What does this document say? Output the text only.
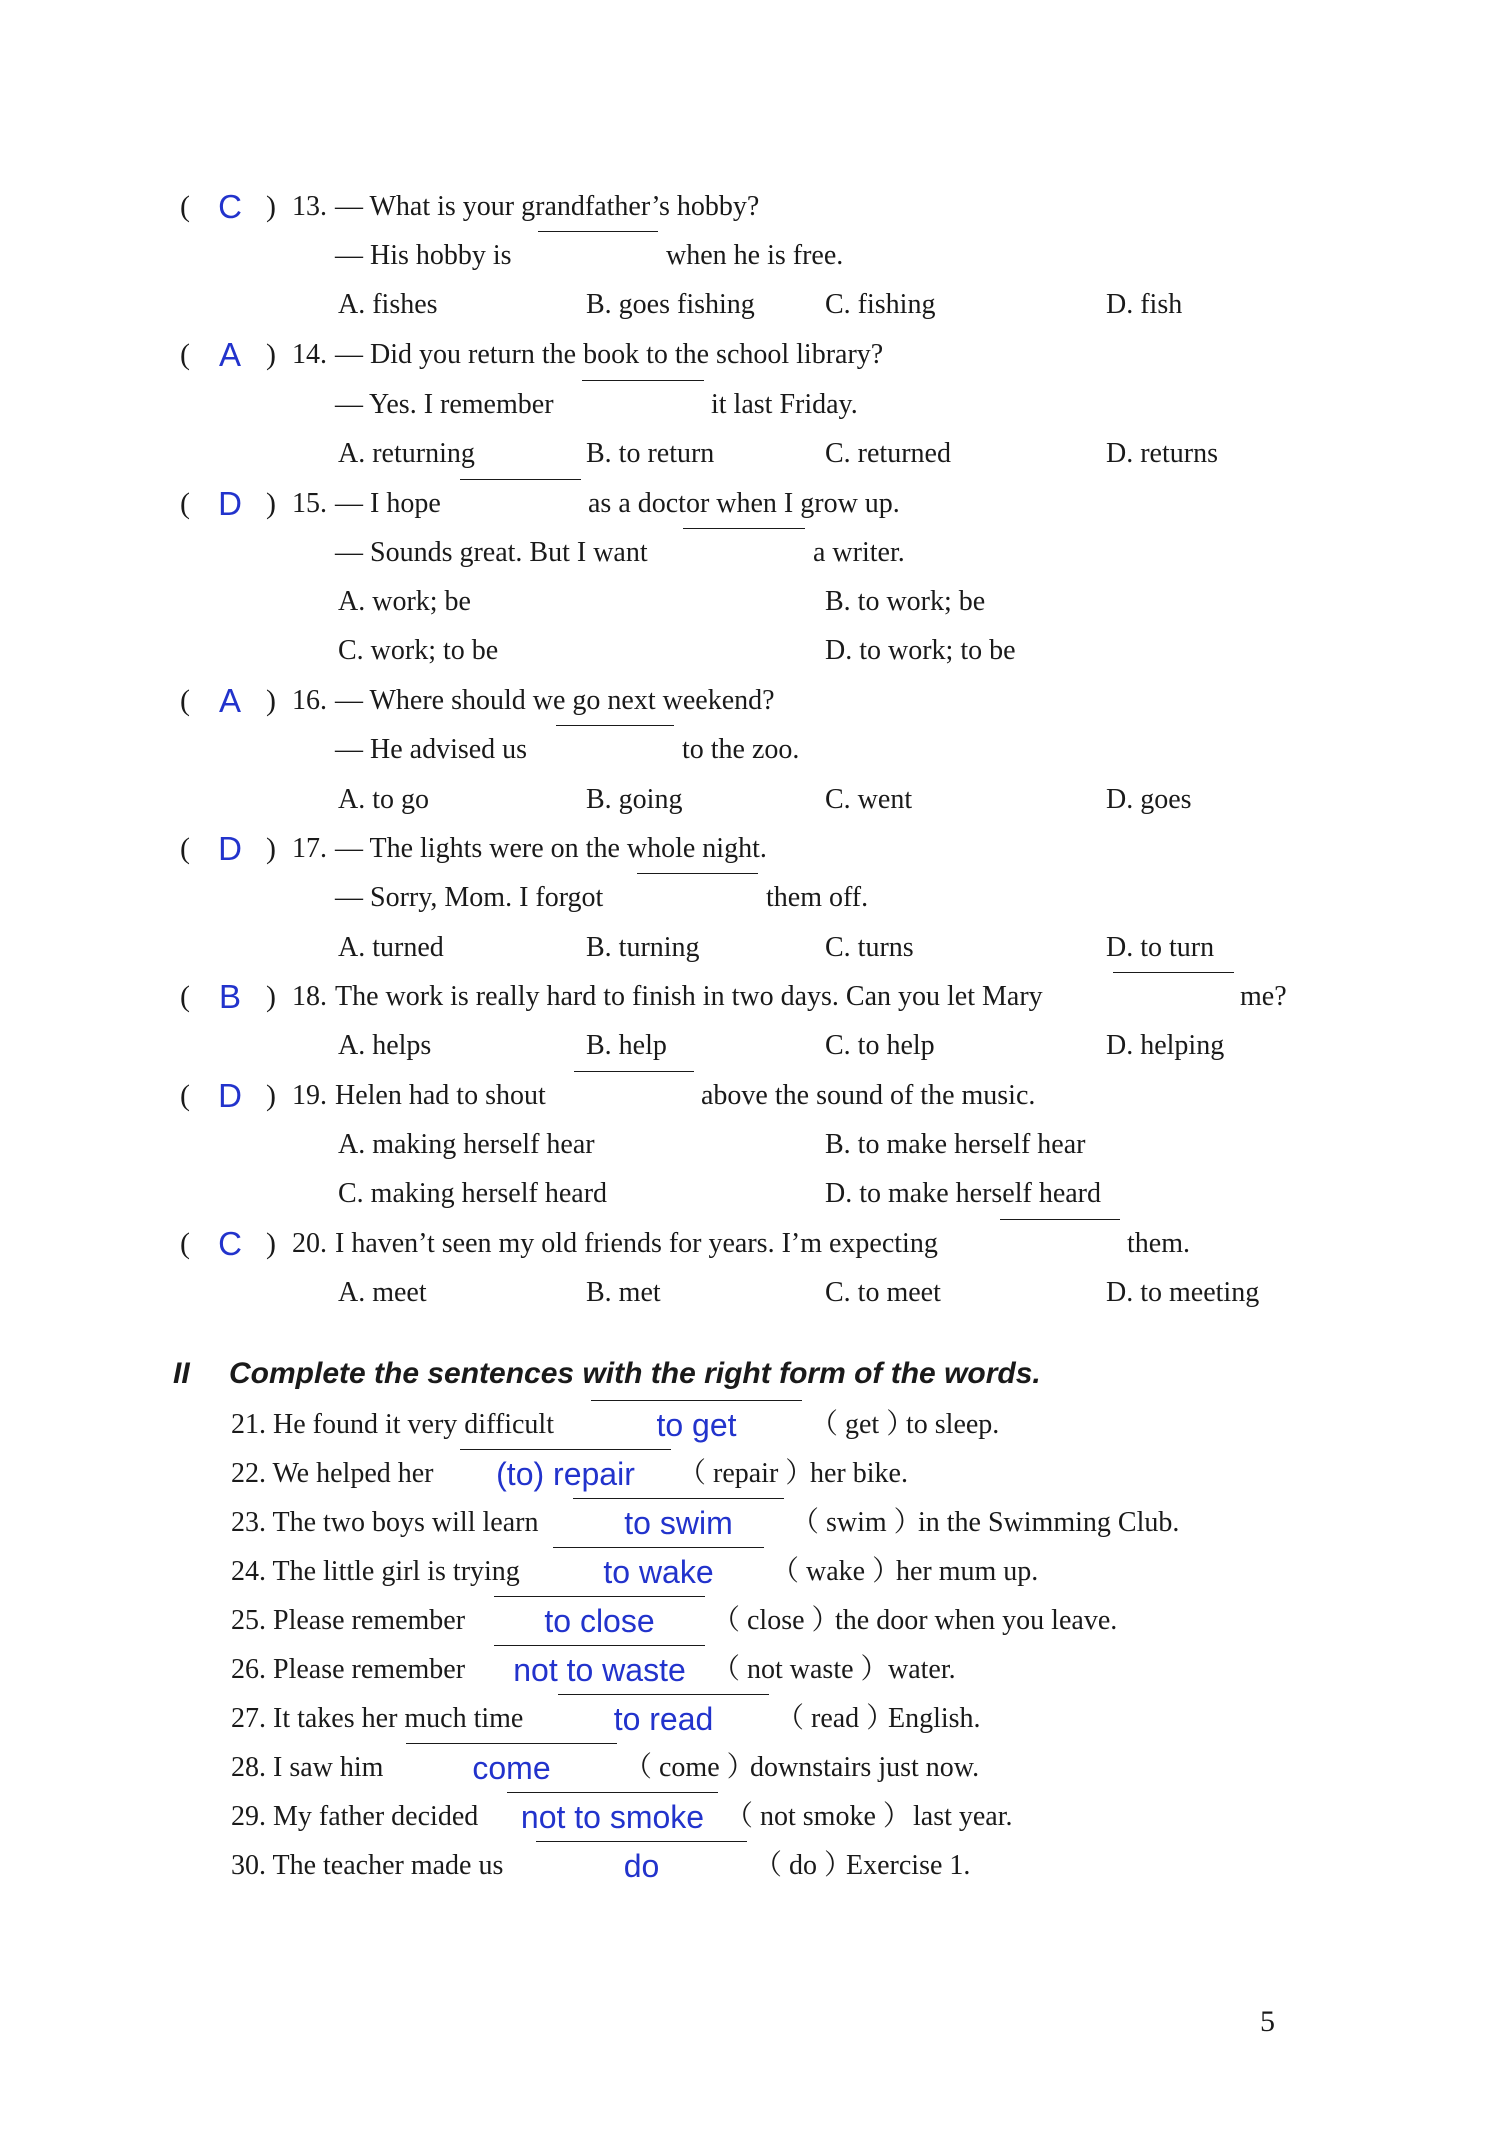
( C ) 13. — What is your grandfather’s hobby?
— His hobby is	when he is free.
A. fishes	B. goes fishing	C. fishing	D. fish
( A ) 14. — Did you return the book to the school library?
— Yes. I remember	it last Friday.
A. returning	B. to return	C. returned	D. returns
( D ) 15. — I hope	as a doctor when I grow up.
— Sounds great. But I want	a writer.
A. work; be	B. to work; be
C. work; to be	D. to work; to be
( A ) 16. — Where should we go next weekend?
— He advised us	to the zoo.
A. to go	B. going	C. went	D. goes
( D ) 17. — The lights were on the whole night.
— Sorry, Mom. I forgot	them off.
A. turned	B. turning	C. turns	D. to turn
( B ) 18. The work is really hard to finish in two days. Can you let Mary	me?
A. helps	B. help	C. to help	D. helping
( D ) 19. Helen had to shout	above the sound of the music.
A. making herself hear	B. to make herself hear
C. making herself heard	D. to make herself heard
( C ) 20. I haven’t seen my old friends for years. I’m expecting	them.
A. meet	B. met	C. to meet	D. to meeting
II Complete the sentences with the right form of the words.
21. He found it very difficult	to get	（ get ）
to sleep.
22. We helped her	(to) repair	（ repair ）
her bike.
23. The two boys will learn	to swim	（ swim ）
in the Swimming Club.
24. The little girl is trying	to wake	（ wake ）
her mum up.
25. Please remember	to close	（ close ）
the door when you leave.
26. Please remember	not to waste （ not waste ） water.
27. It takes her much time	to read	（ read ）
English.
28. I saw him	come	（ come ）
downstairs just now.
29. My father decided	not to smoke （ not smoke ） last year.
30. The teacher made us	do	（ do ）
Exercise 1.
5
